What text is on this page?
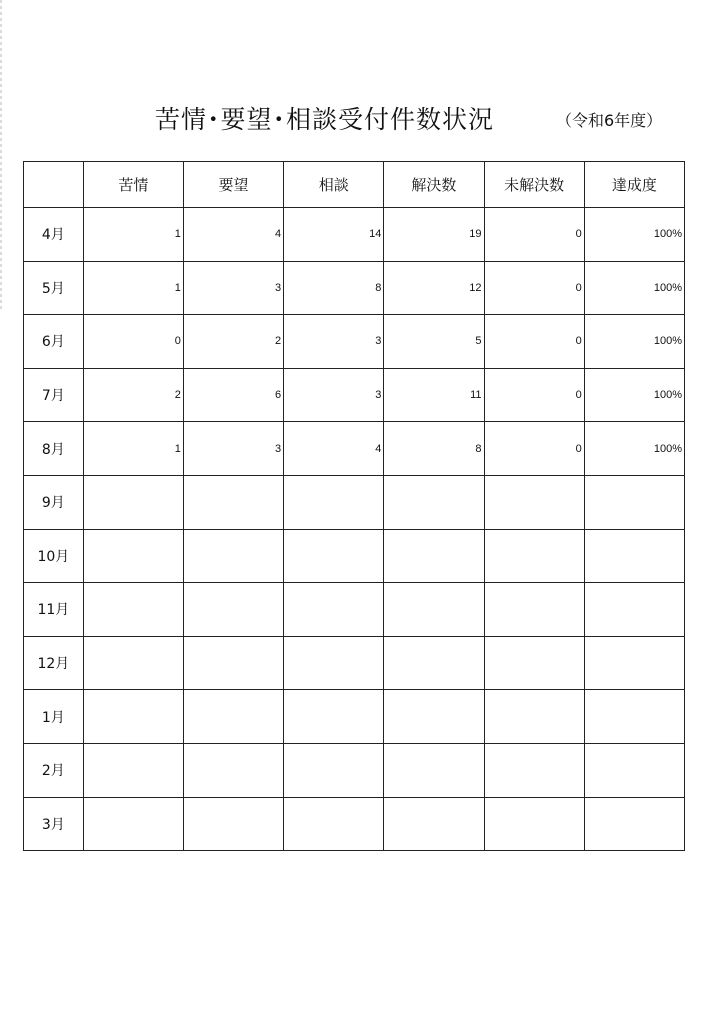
苦情･要望･相談受付件数状況	（令和6年度）
	苦情	要望	相談	解決数	未解決数	達成度
4月	1	4	14	19	0	100%
5月	1	3	8	12	0	100%
6月	0	2	3	5	0	100%
7月	2	6	3	11	0	100%
8月	1	3	4	8	0	100%
9月						
10月						
11月						
12月						
1月						
2月						
3月						
